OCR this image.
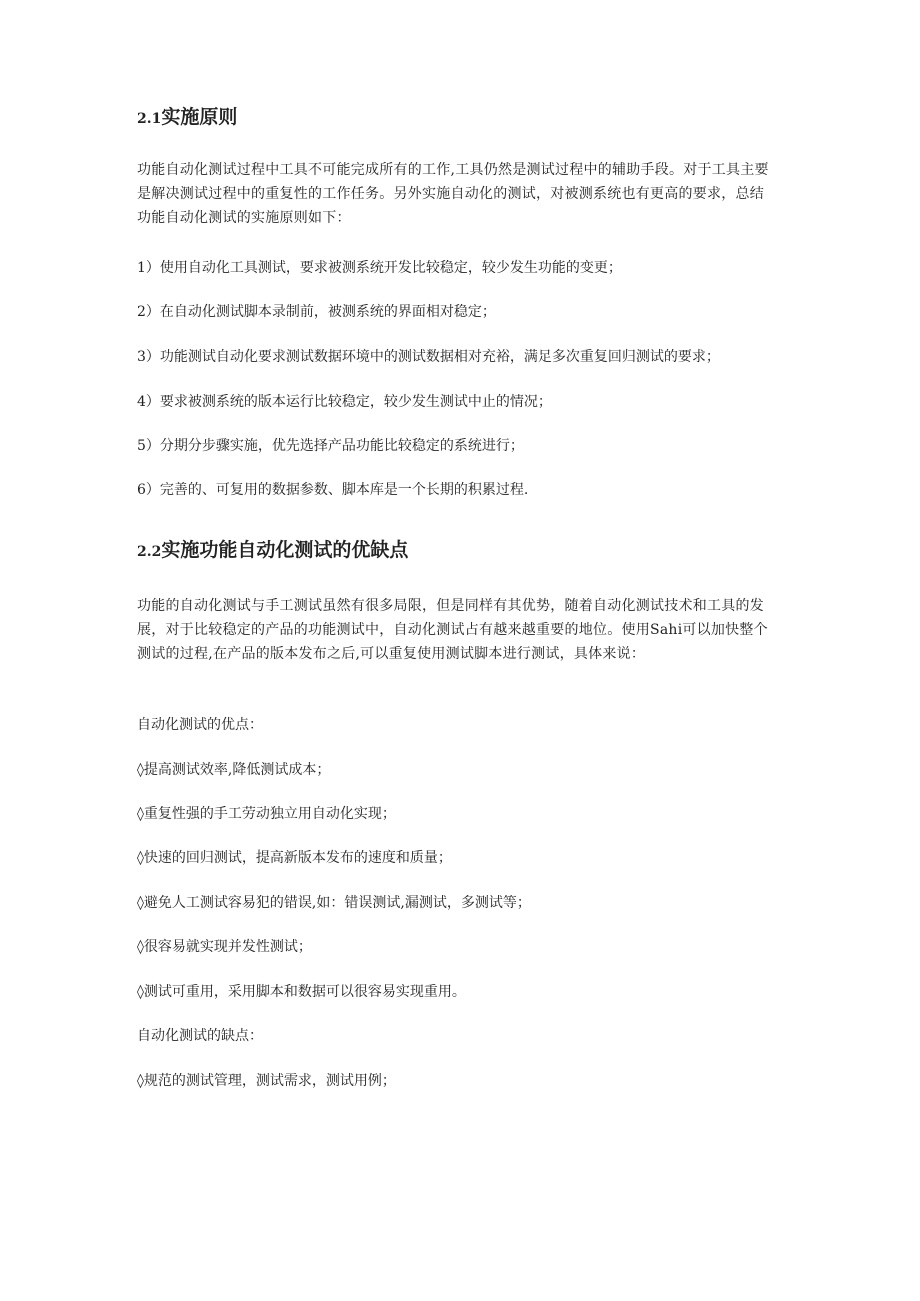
2.1实施原则

功能自动化测试过程中工具不可能完成所有的工作,工具仍然是测试过程中的辅助手段。对于工具主要是解决测试过程中的重复性的工作任务。另外实施自动化的测试，对被测系统也有更高的要求，总结功能自动化测试的实施原则如下：

1）使用自动化工具测试，要求被测系统开发比较稳定，较少发生功能的变更；

2）在自动化测试脚本录制前，被测系统的界面相对稳定；

3）功能测试自动化要求测试数据环境中的测试数据相对充裕，满足多次重复回归测试的要求；

4）要求被测系统的版本运行比较稳定，较少发生测试中止的情况；

5）分期分步骤实施，优先选择产品功能比较稳定的系统进行；

6）完善的、可复用的数据参数、脚本库是一个长期的积累过程.

2.2实施功能自动化测试的优缺点

功能的自动化测试与手工测试虽然有很多局限，但是同样有其优势，随着自动化测试技术和工具的发展，对于比较稳定的产品的功能测试中，自动化测试占有越来越重要的地位。使用Sahi可以加快整个测试的过程,在产品的版本发布之后,可以重复使用测试脚本进行测试，具体来说：

自动化测试的优点：

◊提高测试效率,降低测试成本；

◊重复性强的手工劳动独立用自动化实现；

◊快速的回归测试，提高新版本发布的速度和质量；

◊避免人工测试容易犯的错误,如：错误测试,漏测试，多测试等；

◊很容易就实现并发性测试；

◊测试可重用，采用脚本和数据可以很容易实现重用。

自动化测试的缺点：

◊规范的测试管理，测试需求，测试用例；
